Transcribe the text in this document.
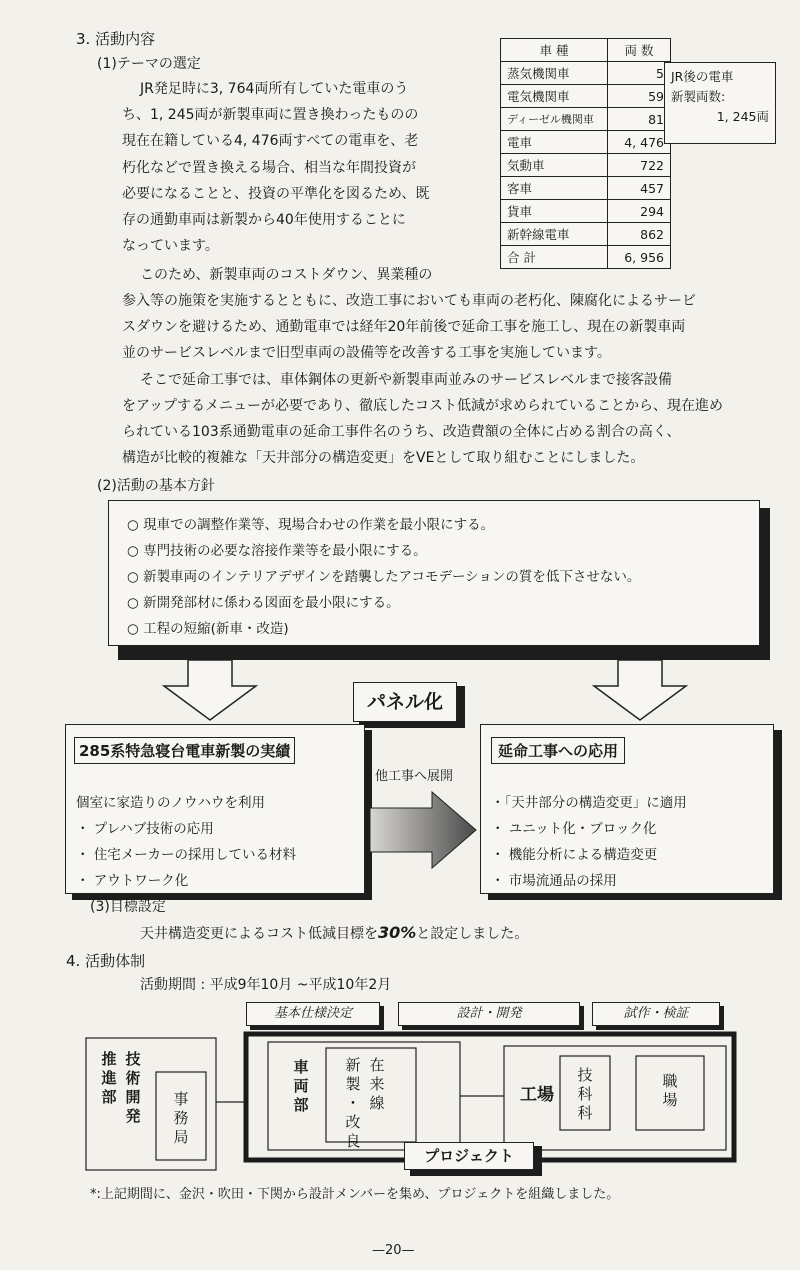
3. 活動内容
(1)テーマの選定
JR発足時に3, 764両所有していた電車のう
ち、1, 245両が新製車両に置き換わったものの
現在在籍している4, 476両すべての電車を、老
朽化などで置き換える場合、相当な年間投資が
必要になることと、投資の平準化を図るため、既
存の通勤車両は新製から40年使用することに
なっています。
車 種	両 数
蒸気機関車	5
電気機関車	59
ディーゼル機関車	81
電車	4, 476
気動車	722
客車	457
貨車	294
新幹線電車	862
合 計	6, 956
JR後の電車
新製両数:
1, 245両
このため、新製車両のコストダウン、異業種の
参入等の施策を実施するとともに、改造工事においても車両の老朽化、陳腐化によるサービ
スダウンを避けるため、通勤電車では経年20年前後で延命工事を施工し、現在の新製車両
並のサービスレベルまで旧型車両の設備等を改善する工事を実施しています。
そこで延命工事では、車体鋼体の更新や新製車両並みのサービスレベルまで接客設備
をアップするメニューが必要であり、徹底したコスト低減が求められていることから、現在進め
られている103系通勤電車の延命工事件名のうち、改造費額の全体に占める割合の高く、
構造が比較的複雑な「天井部分の構造変更」をVEとして取り組むことにしました。
(2)活動の基本方針
○ 現車での調整作業等、現場合わせの作業を最小限にする。
○ 専門技術の必要な溶接作業等を最小限にする。
○ 新製車両のインテリアデザインを踏襲したアコモデーションの質を低下させない。
○ 新開発部材に係わる図面を最小限にする。
○ 工程の短縮(新車・改造)
パネル化
285系特急寝台電車新製の実績
個室に家造りのノウハウを利用
・ プレハブ技術の応用
・ 住宅メーカーの採用している材料
・ アウトワーク化
他工事へ展開
延命工事への応用
・「天井部分の構造変更」に適用
・ ユニット化・ブロック化
・ 機能分析による構造変更
・ 市場流通品の採用
(3)目標設定
天井構造変更によるコスト低減目標を30%と設定しました。
4. 活動体制
活動期間 : 平成9年10月 ~平成10年2月
基本仕様決定	設計・開発	試作・検証
推
進
部
技
術
開
発
事
務
局
車
両
部
新
製
・
改
良
在
来
線	工場
技
科
科
職
場
プロジェクト
*:上記期間に、金沢・吹田・下関から設計メンバーを集め、プロジェクトを組織しました。
—20—
